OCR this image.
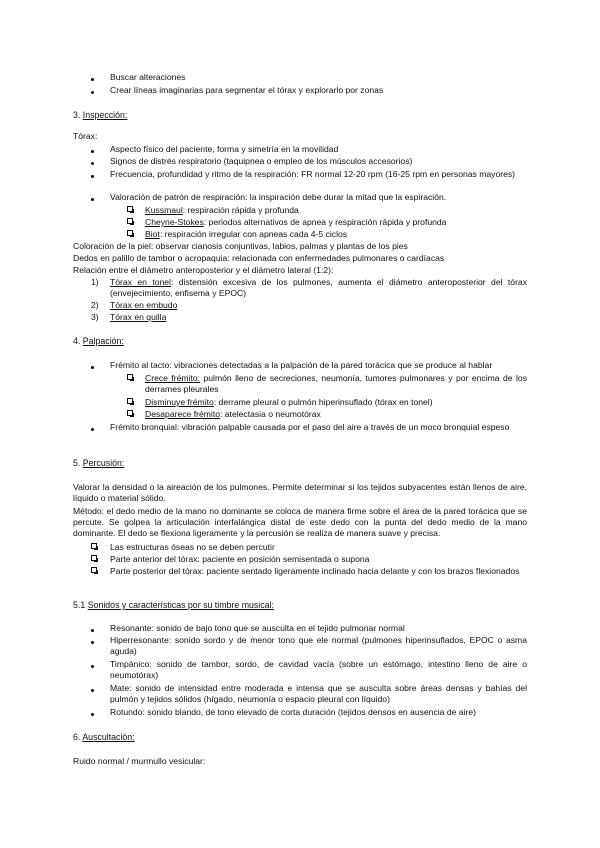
Buscar alteraciones

Crear líneas imaginarias para segmentar el tórax y explorarlo por zonas

3. Inspección:

Tórax:

Aspecto físico del paciente, forma y simetría en la movilidad

Signos de distrés respiratorio (taquipnea o empleo de los músculos accesorios)

Frecuencia, profundidad y ritmo de la respiración: FR normal 12-20 rpm (16-25 rpm en personas mayores)

Valoración de patrón de respiración: la inspiración debe durar la mitad que la espiración.

Kussmaul: respiración rápida y profunda

Cheyne-Stokes: periodos alternativos de apnea y respiración rápida y profunda

Biot: respiración irregular con apneas cada 4-5 ciclos

Coloración de la piel: observar cianosis conjuntivas, labios, palmas y plantas de los pies

Dedos en palillo de tambor o acropaquia: relacionada con enfermedades pulmonares o cardíacas

Relación entre el diámetro anteroposterior y el diámetro lateral (1:2):

1) Tórax en tonel: distensión excesiva de los pulmones, aumenta el diámetro anteroposterior del tórax (envejecimiento, enfisema y EPOC)

2) Tórax en embudo

3) Tórax en quilla

4. Palpación:

Frémito al tacto: vibraciones detectadas a la palpación de la pared torácica que se produce al hablar

Crece frémito: pulmón lleno de secreciones, neumonía, tumores pulmonares y por encima de los derrames pleurales

Disminuye frémito: derrame pleural o pulmón hiperinsuflado (tórax en tonel)

Desaparece frémito: atelectasia o neumotórax

Frémito bronquial: vibración palpable causada por el paso del aire a través de un moco bronquial espeso

5. Percusión:

Valorar la densidad o la aireación de los pulmones. Permite determinar si los tejidos subyacentes están llenos de aire, líquido o material sólido.

Método: el dedo medio de la mano no dominante se coloca de manera firme sobre el área de la pared torácica que se percute. Se golpea la articulación interfalángica distal de este dedo con la punta del dedo medio de la mano dominante. El dedo se flexiona ligeramente y la percusión se realiza de manera suave y precisa.

Las estructuras óseas no se deben percutir

Parte anterior del tórax: paciente en posición semisentada o supona

Parte posterior del tórax: paciente sentado ligeramente inclinado hacia delante y con los brazos flexionados

5.1 Sonidos y características por su timbre musical:

Resonante: sonido de bajo tono que se ausculta en el tejido pulmonar normal

Hiperresonante: sonido sordo y de menor tono que ele normal (pulmones hiperinsuflados, EPOC o asma aguda)

Timpánico: sonido de tambor, sordo, de cavidad vacía (sobre un estómago, intestino lleno de aire o neumotórax)

Mate: sonido de intensidad entre moderada e intensa que se ausculta sobre áreas densas y bahías del pulmón y tejidos sólidos (hígado, neumonía o espacio pleural con líquido)

Rotundo: sonido blando, de tono elevado de corta duración (tejidos densos en ausencia de aire)

6. Auscultación:

Ruido normal / murmullo vesicular:
